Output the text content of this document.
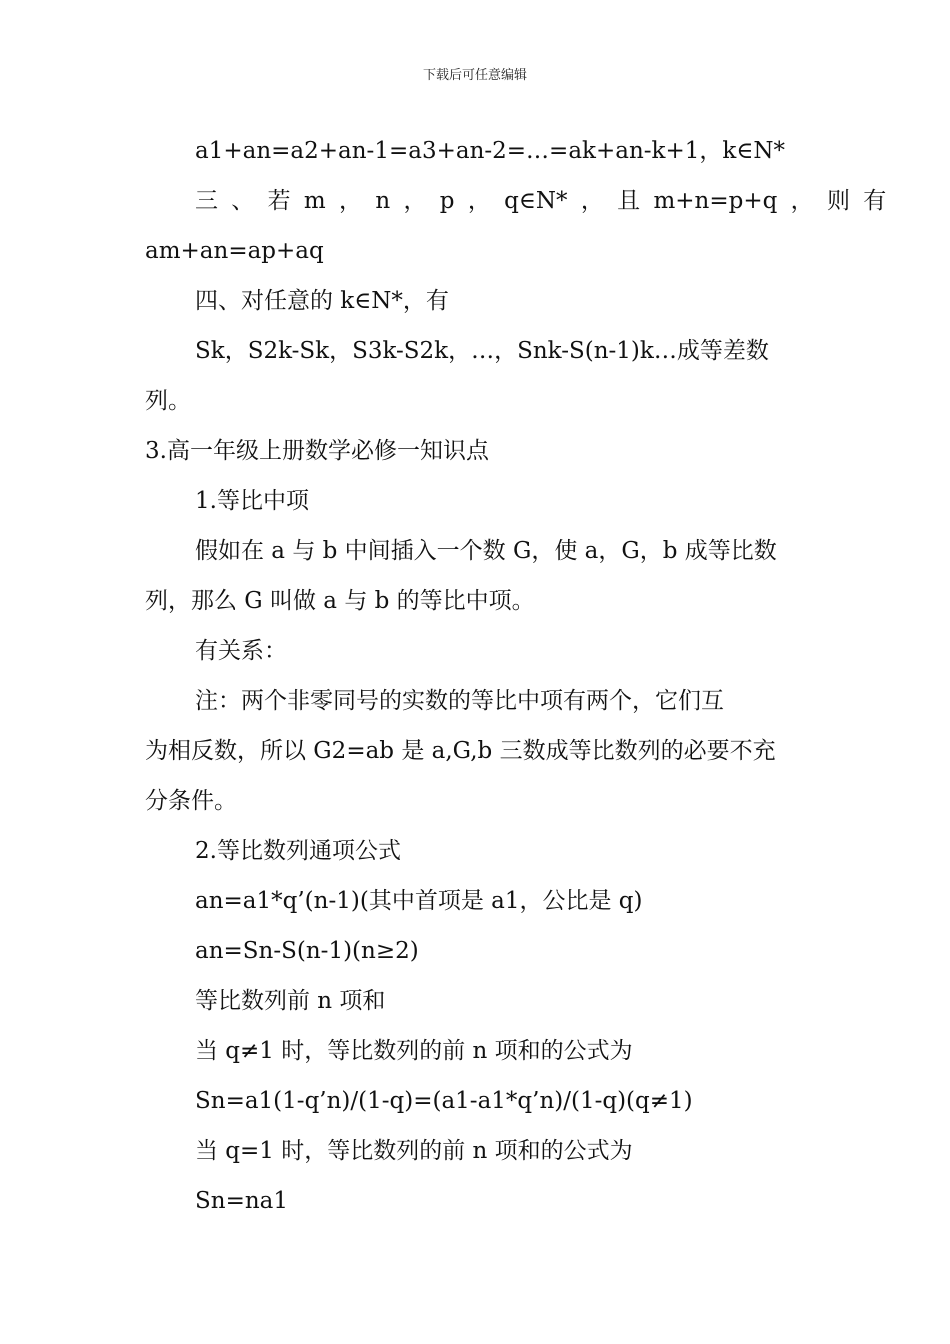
下载后可任意编辑

a1+an=a2+an-1=a3+an-2=…=ak+an-k+1，k∈N*

三 、 若 m ， n ， p ， q∈N* ， 且 m+n=p+q ， 则 有

am+an=ap+aq

四、对任意的 k∈N*，有

Sk，S2k-Sk，S3k-S2k，…，Snk-S(n-1)k…成等差数

列。

3.高一年级上册数学必修一知识点

1.等比中项

假如在 a 与 b 中间插入一个数 G，使 a，G，b 成等比数

列，那么 G 叫做 a 与 b 的等比中项。

有关系：

注：两个非零同号的实数的等比中项有两个，它们互

为相反数，所以 G2=ab 是 a,G,b 三数成等比数列的必要不充

分条件。

2.等比数列通项公式

an=a1*q’(n-1)(其中首项是 a1，公比是 q)

an=Sn-S(n-1)(n≥2)

等比数列前 n 项和

当 q≠1 时，等比数列的前 n 项和的公式为

Sn=a1(1-q’n)/(1-q)=(a1-a1*q’n)/(1-q)(q≠1)

当 q=1 时，等比数列的前 n 项和的公式为

Sn=na1
